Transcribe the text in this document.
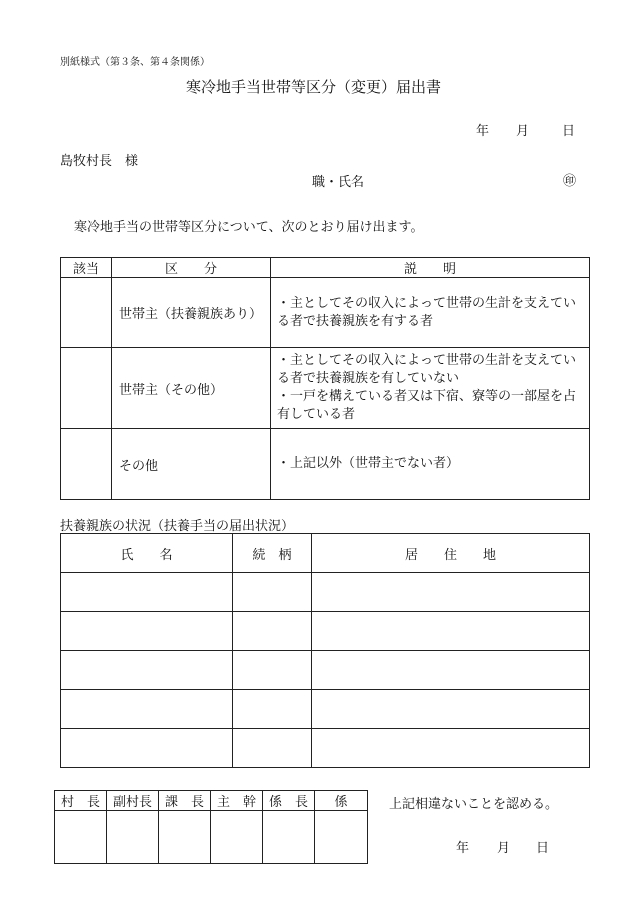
別紙様式（第３条、第４条関係）
寒冷地手当世帯等区分（変更）届出書
年 月	日
島牧村長　様
職・氏名	㊞
寒冷地手当の世帯等区分について、次のとおり届け出ます。
該当	区　　分	説　　明
	世帯主（扶養親族あり）	・主としてその収入によって世帯の生計を支えている者で扶養親族を有する者

	世帯主（その他）	・主としてその収入によって世帯の生計を支えている者で扶養親族を有していない
・一戸を構えている者又は下宿、寮等の一部屋を占有している者

	その他	・上記以外（世帯主でない者）
扶養親族の状況（扶養手当の届出状況）
氏　　名	続　柄	居　　住　　地

村　長	副村長	課　長	主　幹	係　長	係
						上記相違ないことを認める。
年 月 日
